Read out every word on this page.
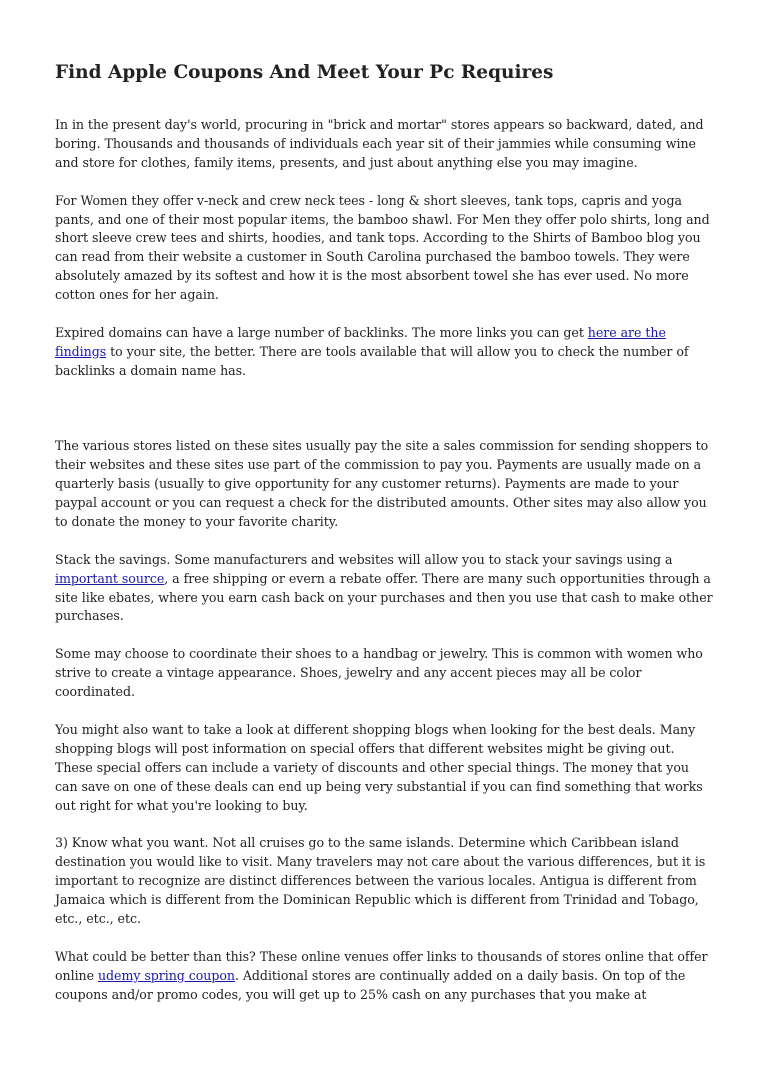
Find Apple Coupons And Meet Your Pc Requires

In in the present day's world, procuring in "brick and mortar" stores appears so backward, dated, and boring. Thousands and thousands of individuals each year sit of their jammies while consuming wine and store for clothes, family items, presents, and just about anything else you may imagine.

For Women they offer v-neck and crew neck tees - long & short sleeves, tank tops, capris and yoga pants, and one of their most popular items, the bamboo shawl. For Men they offer polo shirts, long and short sleeve crew tees and shirts, hoodies, and tank tops. According to the Shirts of Bamboo blog you can read from their website a customer in South Carolina purchased the bamboo towels. They were absolutely amazed by its softest and how it is the most absorbent towel she has ever used. No more cotton ones for her again.

Expired domains can have a large number of backlinks. The more links you can get here are the findings to your site, the better. There are tools available that will allow you to check the number of backlinks a domain name has.

The various stores listed on these sites usually pay the site a sales commission for sending shoppers to their websites and these sites use part of the commission to pay you. Payments are usually made on a quarterly basis (usually to give opportunity for any customer returns). Payments are made to your paypal account or you can request a check for the distributed amounts. Other sites may also allow you to donate the money to your favorite charity.

Stack the savings. Some manufacturers and websites will allow you to stack your savings using a important source, a free shipping or evern a rebate offer. There are many such opportunities through a site like ebates, where you earn cash back on your purchases and then you use that cash to make other purchases.

Some may choose to coordinate their shoes to a handbag or jewelry. This is common with women who strive to create a vintage appearance. Shoes, jewelry and any accent pieces may all be color coordinated.

You might also want to take a look at different shopping blogs when looking for the best deals. Many shopping blogs will post information on special offers that different websites might be giving out. These special offers can include a variety of discounts and other special things. The money that you can save on one of these deals can end up being very substantial if you can find something that works out right for what you're looking to buy.

3) Know what you want. Not all cruises go to the same islands. Determine which Caribbean island destination you would like to visit. Many travelers may not care about the various differences, but it is important to recognize are distinct differences between the various locales. Antigua is different from Jamaica which is different from the Dominican Republic which is different from Trinidad and Tobago, etc., etc., etc.

What could be better than this? These online venues offer links to thousands of stores online that offer online udemy spring coupon. Additional stores are continually added on a daily basis. On top of the coupons and/or promo codes, you will get up to 25% cash on any purchases that you make at
